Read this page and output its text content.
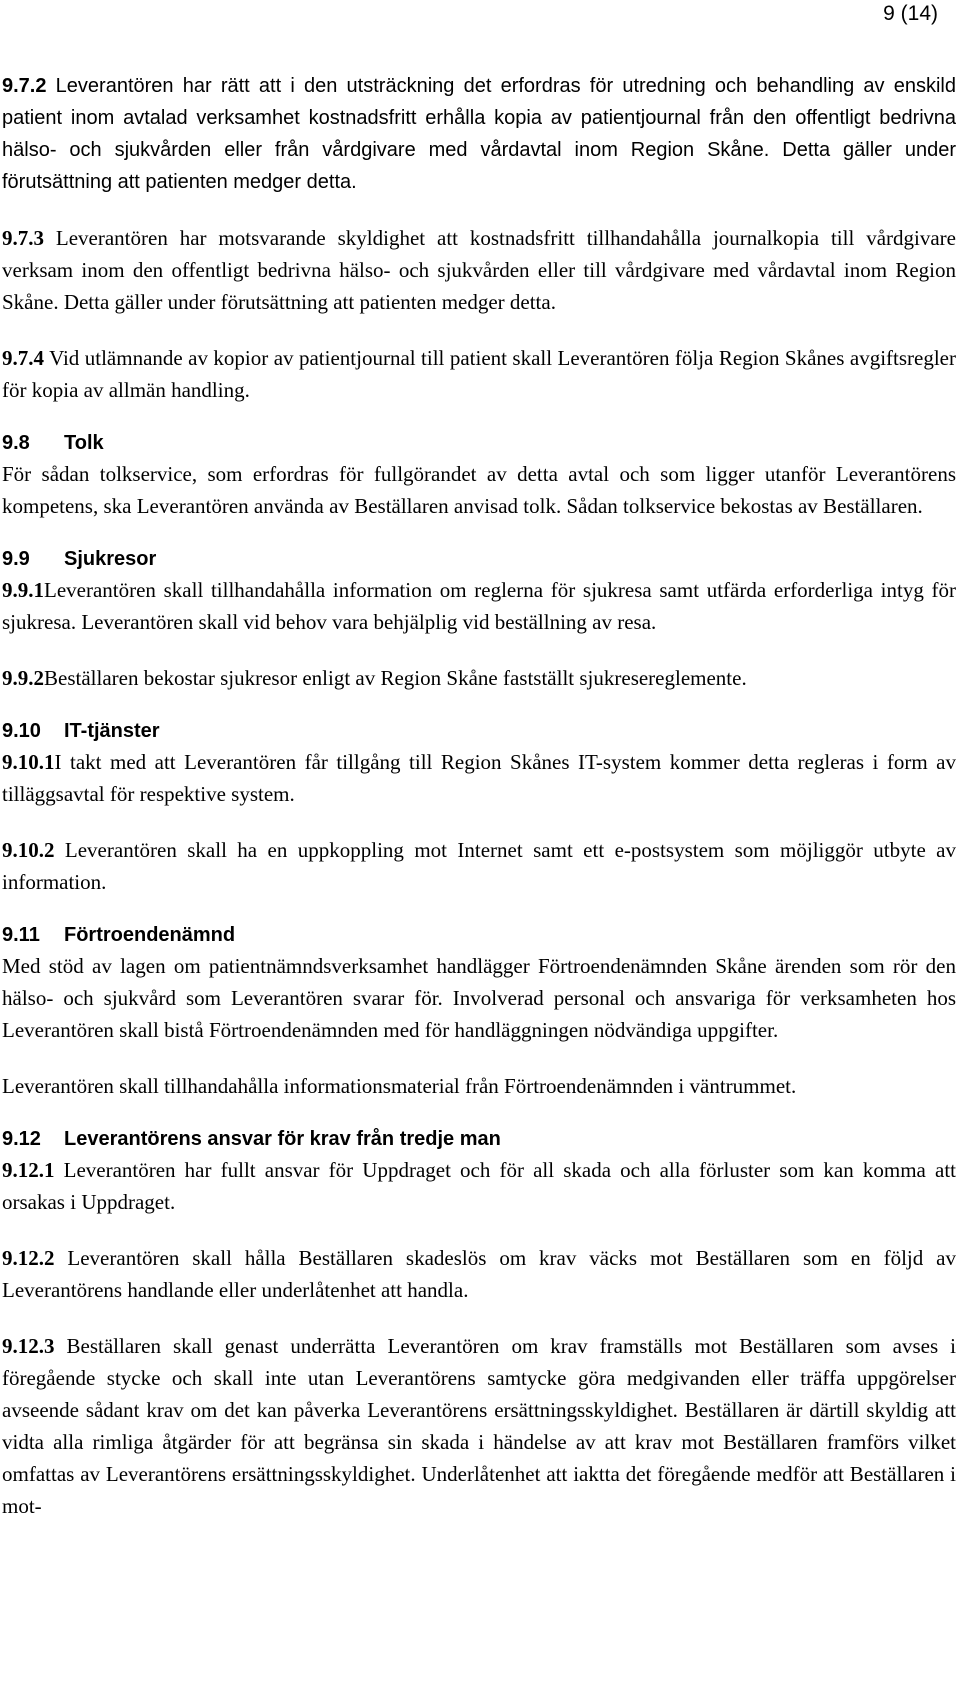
9 (14)

9.7.2 Leverantören har rätt att i den utsträckning det erfordras för utredning och behandling av enskild patient inom avtalad verksamhet kostnadsfritt erhålla kopia av patientjournal från den offentligt bedrivna hälso- och sjukvården eller från vårdgivare med vårdavtal inom Region Skåne. Detta gäller under förutsättning att patienten medger detta.

9.7.3 Leverantören har motsvarande skyldighet att kostnadsfritt tillhandahålla journalkopia till vårdgivare verksam inom den offentligt bedrivna hälso- och sjukvården eller till vårdgivare med vårdavtal inom Region Skåne. Detta gäller under förutsättning att patienten medger detta.

9.7.4 Vid utlämnande av kopior av patientjournal till patient skall Leverantören följa Region Skånes avgiftsregler för kopia av allmän handling.

9.8 Tolk

För sådan tolkservice, som erfordras för fullgörandet av detta avtal och som ligger utanför Leverantörens kompetens, ska Leverantören använda av Beställaren anvisad tolk. Sådan tolkservice bekostas av Beställaren.

9.9 Sjukresor

9.9.1Leverantören skall tillhandahålla information om reglerna för sjukresa samt utfärda erforderliga intyg för sjukresa. Leverantören skall vid behov vara behjälplig vid beställning av resa.

9.9.2Beställaren bekostar sjukresor enligt av Region Skåne fastställt sjukresereglemente.

9.10 IT-tjänster

9.10.1I takt med att Leverantören får tillgång till Region Skånes IT-system kommer detta regleras i form av tilläggsavtal för respektive system.

9.10.2 Leverantören skall ha en uppkoppling mot Internet samt ett e-postsystem som möjliggör utbyte av information.

9.11 Förtroendenämnd

Med stöd av lagen om patientnämndsverksamhet handlägger Förtroendenämnden Skåne ärenden som rör den hälso- och sjukvård som Leverantören svarar för. Involverad personal och ansvariga för verksamheten hos Leverantören skall bistå Förtroendenämnden med för handläggningen nödvändiga uppgifter.

Leverantören skall tillhandahålla informationsmaterial från Förtroendenämnden i väntrummet.

9.12 Leverantörens ansvar för krav från tredje man

9.12.1 Leverantören har fullt ansvar för Uppdraget och för all skada och alla förluster som kan komma att orsakas i Uppdraget.

9.12.2 Leverantören skall hålla Beställaren skadeslös om krav väcks mot Beställaren som en följd av Leverantörens handlande eller underlåtenhet att handla.

9.12.3 Beställaren skall genast underrätta Leverantören om krav framställs mot Beställaren som avses i föregående stycke och skall inte utan Leverantörens samtycke göra medgivanden eller träffa uppgörelser avseende sådant krav om det kan påverka Leverantörens ersättningsskyldighet. Beställaren är därtill skyldig att vidta alla rimliga åtgärder för att begränsa sin skada i händelse av att krav mot Beställaren framförs vilket omfattas av Leverantörens ersättningsskyldighet. Underlåtenhet att iaktta det föregående medför att Beställaren i mot-
